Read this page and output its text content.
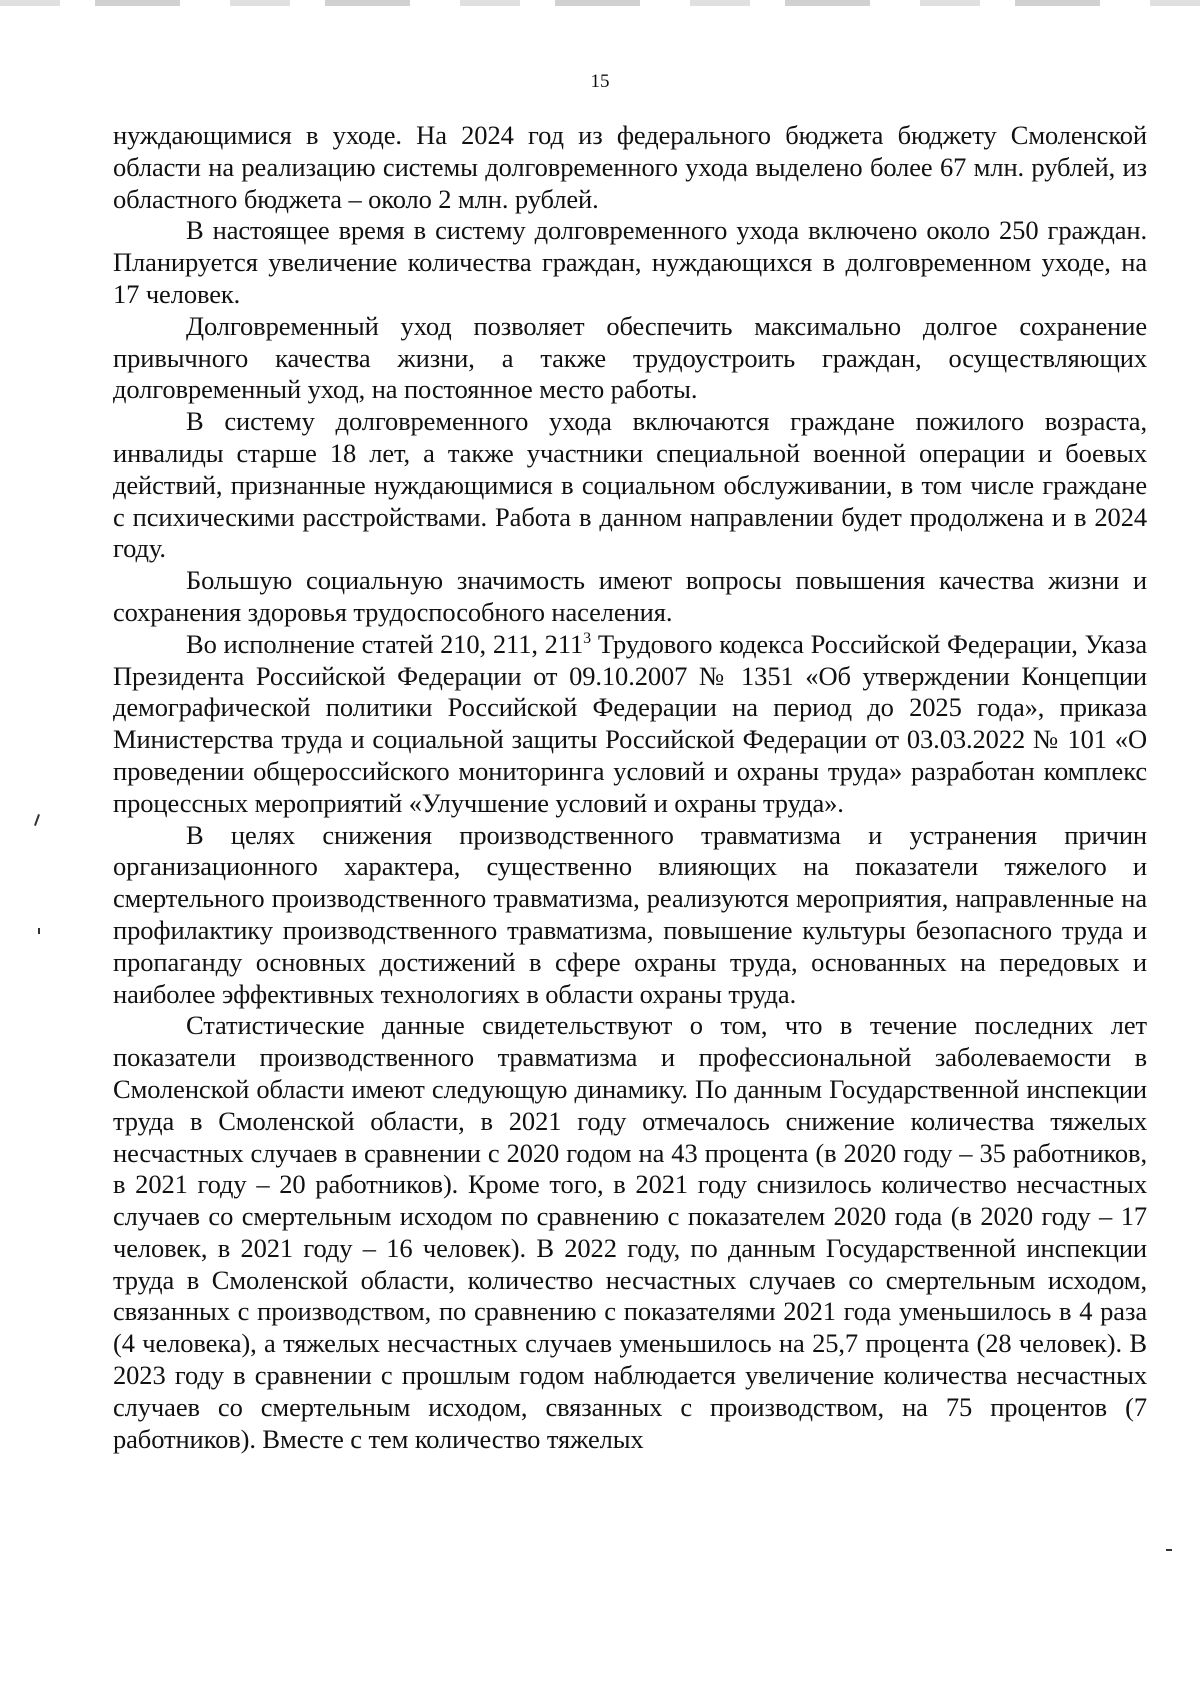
15

нуждающимися в уходе. На 2024 год из федерального бюджета бюджету Смоленской области на реализацию системы долговременного ухода выделено более 67 млн. рублей, из областного бюджета – около 2 млн. рублей.

В настоящее время в систему долговременного ухода включено около 250 граждан. Планируется увеличение количества граждан, нуждающихся в долговременном уходе, на 17 человек.

Долговременный уход позволяет обеспечить максимально долгое сохранение привычного качества жизни, а также трудоустроить граждан, осуществляющих долговременный уход, на постоянное место работы.

В систему долговременного ухода включаются граждане пожилого возраста, инвалиды старше 18 лет, а также участники специальной военной операции и боевых действий, признанные нуждающимися в социальном обслуживании, в том числе граждане с психическими расстройствами. Работа в данном направлении будет продолжена и в 2024 году.

Большую социальную значимость имеют вопросы повышения качества жизни и сохранения здоровья трудоспособного населения.

Во исполнение статей 210, 211, $211^3$ Трудового кодекса Российской Федерации, Указа Президента Российской Федерации от 09.10.2007 № 1351 «Об утверждении Концепции демографической политики Российской Федерации на период до 2025 года», приказа Министерства труда и социальной защиты Российской Федерации от 03.03.2022 № 101 «О проведении общероссийского мониторинга условий и охраны труда» разработан комплекс процессных мероприятий «Улучшение условий и охраны труда».

В целях снижения производственного травматизма и устранения причин организационного характера, существенно влияющих на показатели тяжелого и смертельного производственного травматизма, реализуются мероприятия, направленные на профилактику производственного травматизма, повышение культуры безопасного труда и пропаганду основных достижений в сфере охраны труда, основанных на передовых и наиболее эффективных технологиях в области охраны труда.

Статистические данные свидетельствуют о том, что в течение последних лет показатели производственного травматизма и профессиональной заболеваемости в Смоленской области имеют следующую динамику. По данным Государственной инспекции труда в Смоленской области, в 2021 году отмечалось снижение количества тяжелых несчастных случаев в сравнении с 2020 годом на 43 процента (в 2020 году – 35 работников, в 2021 году – 20 работников). Кроме того, в 2021 году снизилось количество несчастных случаев со смертельным исходом по сравнению с показателем 2020 года (в 2020 году – 17 человек, в 2021 году – 16 человек). В 2022 году, по данным Государственной инспекции труда в Смоленской области, количество несчастных случаев со смертельным исходом, связанных с производством, по сравнению с показателями 2021 года уменьшилось в 4 раза (4 человека), а тяжелых несчастных случаев уменьшилось на 25,7 процента (28 человек). В 2023 году в сравнении с прошлым годом наблюдается увеличение количества несчастных случаев со смертельным исходом, связанных с производством, на 75 процентов (7 работников). Вместе с тем количество тяжелых
